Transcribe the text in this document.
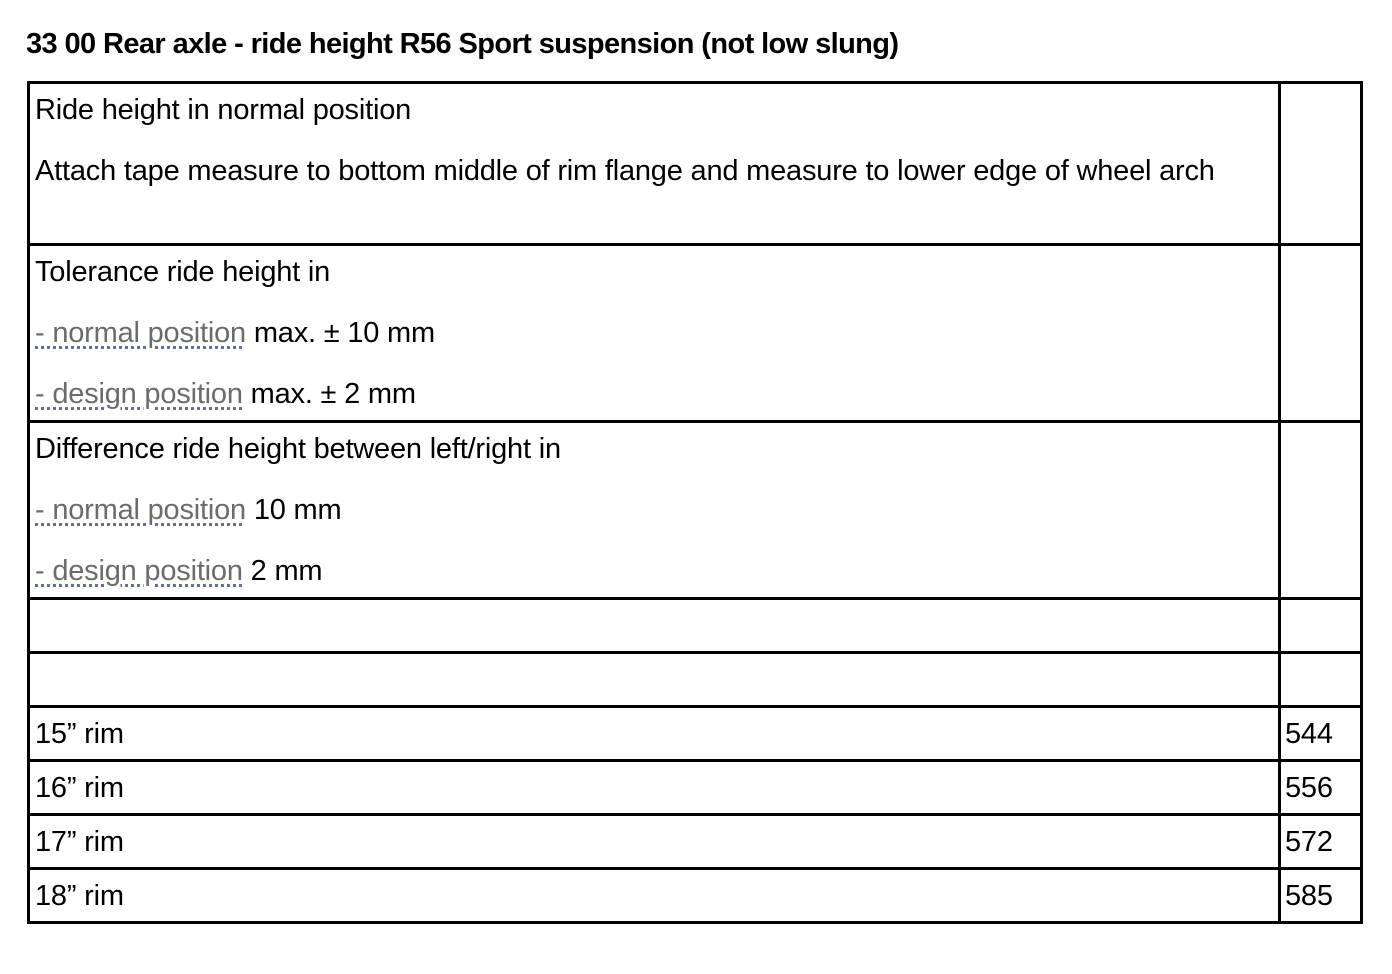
33 00 Rear axle - ride height R56 Sport suspension (not low slung)

Ride height in normal position

Attach tape measure to bottom middle of rim flange and measure to lower edge of wheel arch	

Tolerance ride height in

- normal position max. ± 10 mm

- design position max. ± 2 mm	

Difference ride height between left/right in

- normal position 10 mm

- design position 2 mm	

15” rim	544
16” rim	556
17” rim	572
18” rim	585
